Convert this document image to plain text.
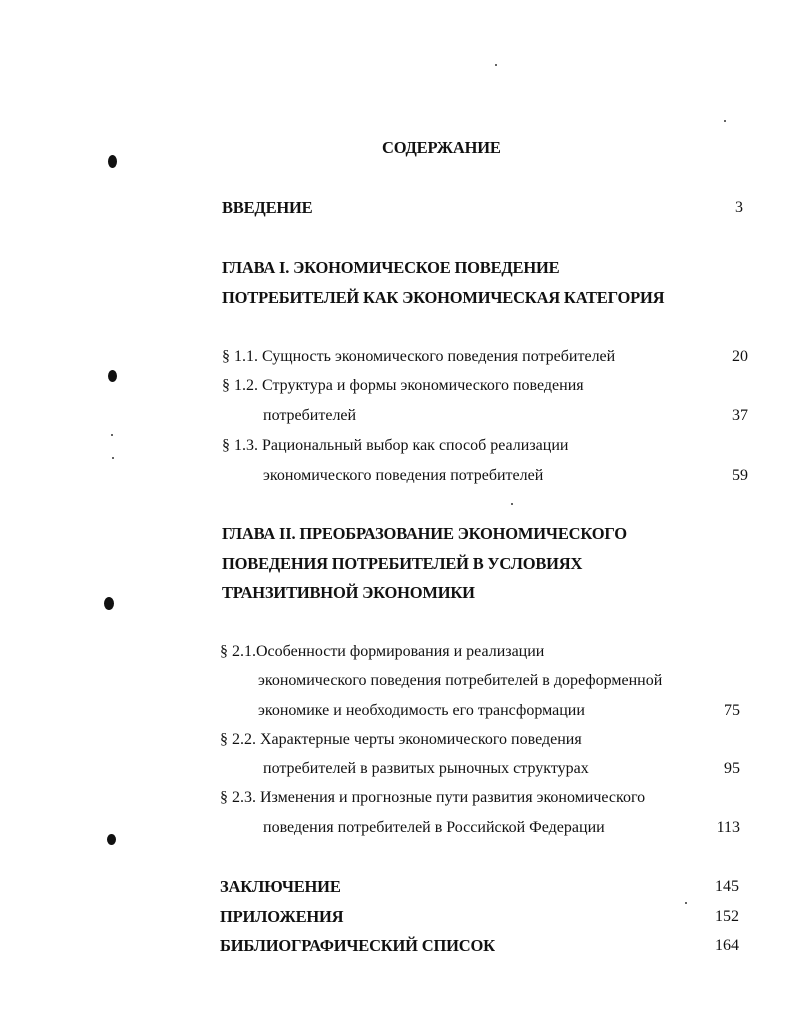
СОДЕРЖАНИЕ
ВВЕДЕНИЕ	3
ГЛАВА I. ЭКОНОМИЧЕСКОЕ ПОВЕДЕНИЕ
ПОТРЕБИТЕЛЕЙ КАК ЭКОНОМИЧЕСКАЯ КАТЕГОРИЯ
§ 1.1. Сущность экономического поведения потребителей	20
§ 1.2. Структура и формы экономического поведения
потребителей	37
§ 1.3. Рациональный выбор как способ реализации
экономического поведения потребителей	59
ГЛАВА II. ПРЕОБРАЗОВАНИЕ ЭКОНОМИЧЕСКОГО
ПОВЕДЕНИЯ ПОТРЕБИТЕЛЕЙ В УСЛОВИЯХ
ТРАНЗИТИВНОЙ ЭКОНОМИКИ
§ 2.1.Особенности формирования и реализации
экономического поведения потребителей в дореформенной
экономике и необходимость его трансформации	75
§ 2.2. Характерные черты экономического поведения
потребителей в развитых рыночных структурах	95
§ 2.3. Изменения и прогнозные пути развития экономического
поведения потребителей в Российской Федерации	113
ЗАКЛЮЧЕНИЕ	145
ПРИЛОЖЕНИЯ	152
БИБЛИОГРАФИЧЕСКИЙ СПИСОК	164
